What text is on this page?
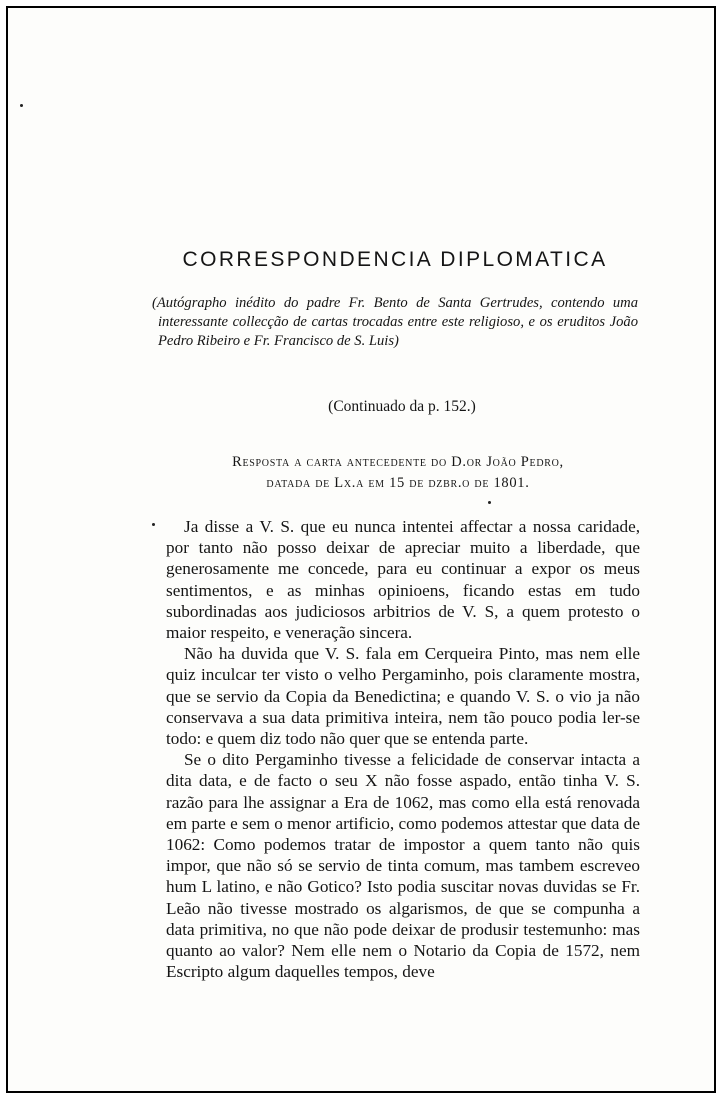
CORRESPONDENCIA DIPLOMATICA

(Autógrapho inédito do padre Fr. Bento de Santa Gertrudes, contendo uma interessante collecção de cartas trocadas entre este religioso, e os eruditos João Pedro Ribeiro e Fr. Francisco de S. Luis)

(Continuado da p. 152.)

Resposta a carta antecedente do D.or João Pedro,
datada de Lx.a em 15 de dzbr.o de 1801.

Ja disse a V. S. que eu nunca intentei affectar a nossa caridade, por tanto não posso deixar de apreciar muito a liberdade, que generosamente me concede, para eu continuar a expor os meus sentimentos, e as minhas opinioens, ficando estas em tudo subordinadas aos judiciosos arbitrios de V. S, a quem protesto o maior respeito, e veneração sincera.

Não ha duvida que V. S. fala em Cerqueira Pinto, mas nem elle quiz inculcar ter visto o velho Pergaminho, pois claramente mostra, que se servio da Copia da Benedictina; e quando V. S. o vio ja não conservava a sua data primitiva inteira, nem tão pouco podia ler-se todo: e quem diz todo não quer que se entenda parte.

Se o dito Pergaminho tivesse a felicidade de conservar intacta a dita data, e de facto o seu X não fosse aspado, então tinha V. S. razão para lhe assignar a Era de 1062, mas como ella está renovada em parte e sem o menor artificio, como podemos attestar que data de 1062: Como podemos tratar de impostor a quem tanto não quis impor, que não só se servio de tinta comum, mas tambem escreveo hum L latino, e não Gotico? Isto podia suscitar novas duvidas se Fr. Leão não tivesse mostrado os algarismos, de que se compunha a data primitiva, no que não pode deixar de produsir testemunho: mas quanto ao valor? Nem elle nem o Notario da Copia de 1572, nem Escripto algum daquelles tempos, deve
